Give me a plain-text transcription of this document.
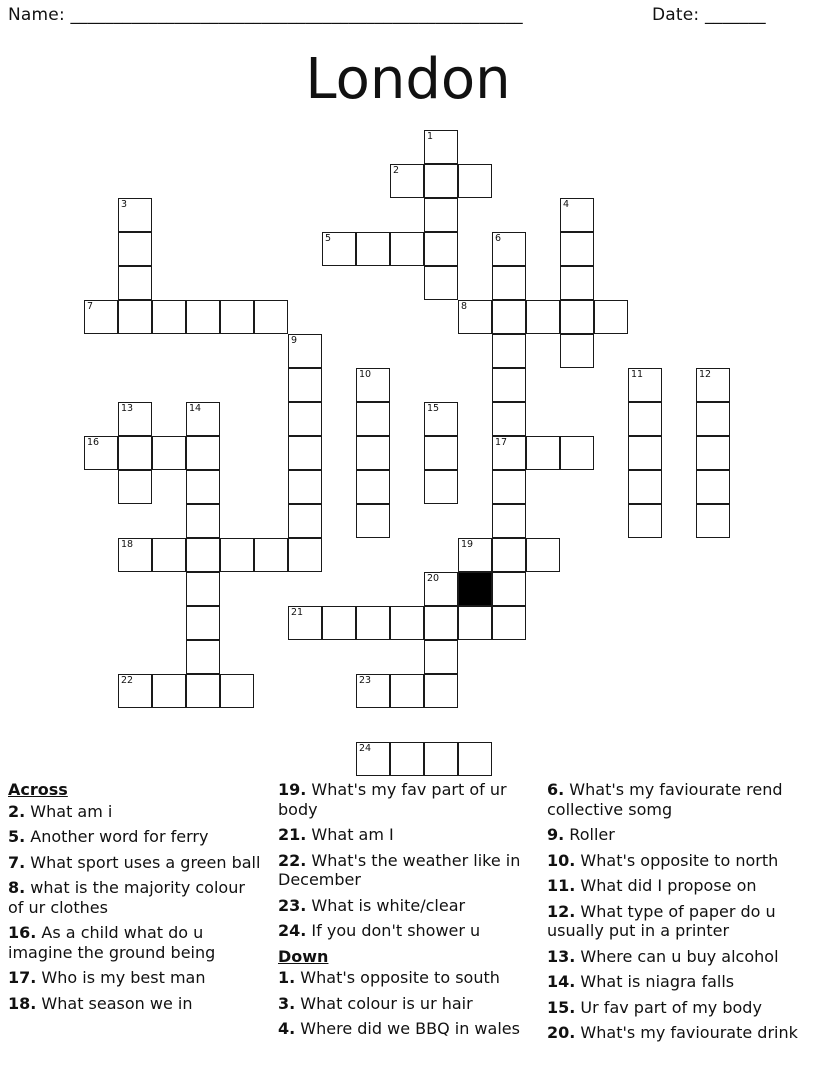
Name: ____________________________________________________	Date: _______
London
1
2
3	4
5	6
17
7	8
9
10	11	12
13	14	15
16
18	19
20
21
22	23
24
Across
2. What am i
5. Another word for ferry
7. What sport uses a green ball
8. what is the majority colour of ur clothes
16. As a child what do u imagine the ground being
17. Who is my best man
18. What season we in
19. What's my fav part of ur body
21. What am I
22. What's the weather like in December
23. What is white/clear
24. If you don't shower u
Down
1. What's opposite to south
3. What colour is ur hair
4. Where did we BBQ in wales
6. What's my faviourate rend collective somg
9. Roller
10. What's opposite to north
11. What did I propose on
12. What type of paper do u usually put in a printer
13. Where can u buy alcohol
14. What is niagra falls
15. Ur fav part of my body
20. What's my faviourate drink
